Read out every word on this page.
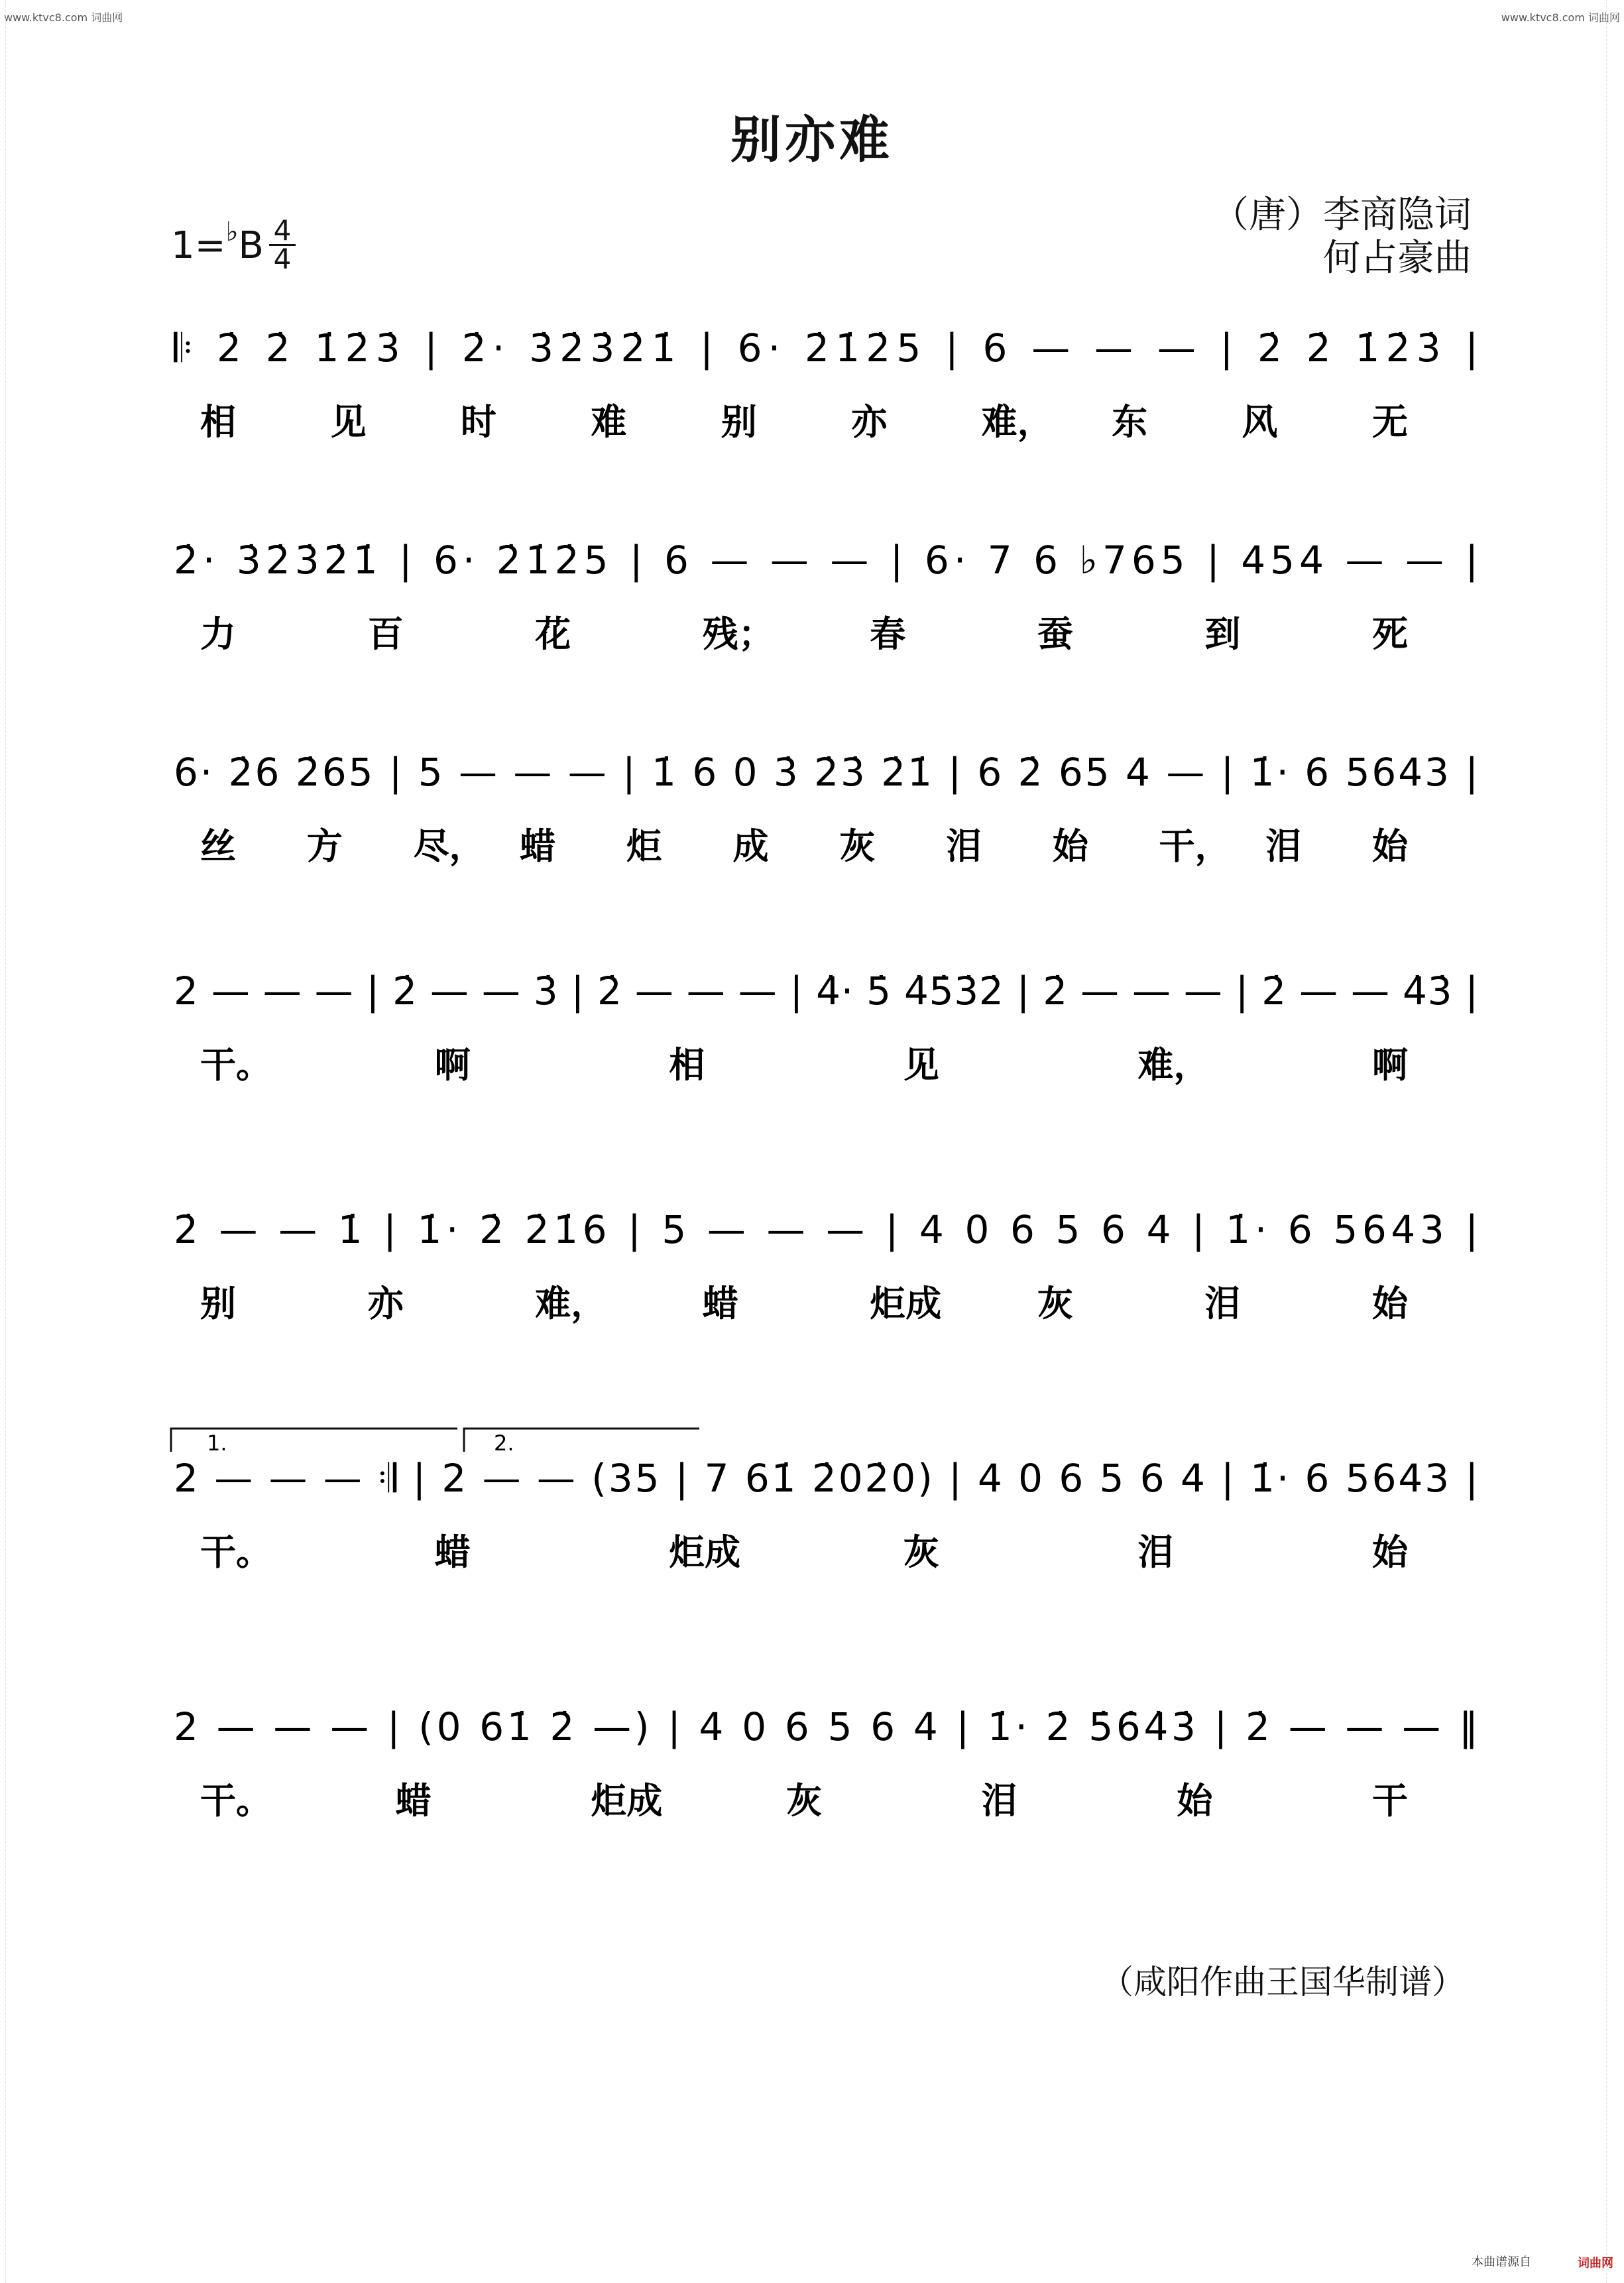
www.ktvc8.com 词曲网	www.ktvc8.com 词曲网
别亦难
（唐）李商隐词
何占豪曲
$1=^♭B \frac{4}{4}$
𝄆 2̇ 2̇ 1̇2̇3̇ | 2̇· 3̇2̇3̇2̇1̇ | 6· 2̇1̇2̇5 | 6 — — — | 2̇ 2̇ 1̇2̇3̇ |
相	见	时	难	别	亦	难， 东	风	无
2̇· 3̇2̇3̇2̇1̇ | 6· 2̇1̇2̇5 | 6 — — — | 6· 7 6 ♭765 | 454 — — |
力	百	花	残；	春	蚕	到	死
6· 2̇6 2̇65 | 5 — — — | 1̇ 6 0 3̇ 2̇3̇ 2̇1̇ | 6 2̇ 65 4 — | 1̇· 6 5643 |
丝 方 尽， 蜡 炬 成 灰 泪 始 干， 泪 始
2 — — — | 2̇ — — 3̇ | 2̇ — — — | 4̇· 5̇ 4̇5̇3̇2̇ | 2̇ — — — | 2̇ — — 4̇3̇ |
干。	啊	相	见	难，	啊
2̇ — — 1̇ | 1̇· 2̇ 2̇1̇6 | 5 — — — | 4 0 6 5 6 4 | 1̇· 6 5643 |
别	亦	难，	蜡	炬成	灰	泪	始
2 — — — 𝄇 | 2 — — (35 | 7 61̇ 2̇02̇0) | 4 0 6 5 6 4 | 1̇· 6 5643 |
1.	2.
干。	蜡	炬成	灰	泪	始
2 — — — | (0 61̇ 2̇ —) | 4 0 6 5 6 4 | 1̇· 2̇ 5̇6̇4̇3̇ | 2̇ — — — ‖
干。	蜡	炬成	灰	泪	始	干
（咸阳作曲王国华制谱）
本曲谱源自	词曲网
